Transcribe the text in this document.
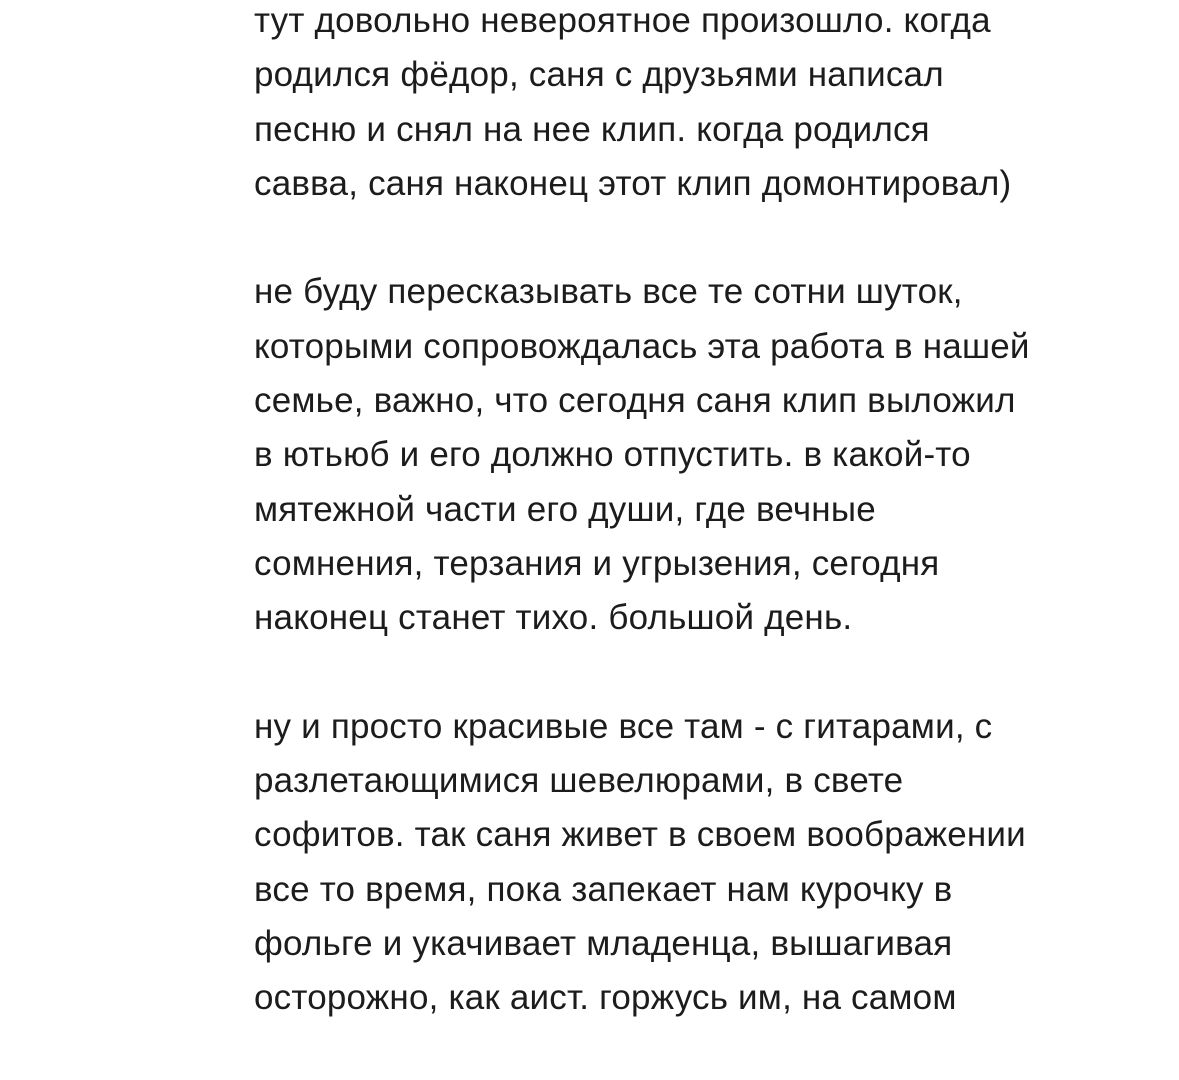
тут довольно невероятное произошло. когда
родился фёдор, саня с друзьями написал
песню и снял на нее клип. когда родился
савва, саня наконец этот клип домонтировал)

не буду пересказывать все те сотни шуток,
которыми сопровождалась эта работа в нашей
семье, важно, что сегодня саня клип выложил
в ютьюб и его должно отпустить. в какой-то
мятежной части его души, где вечные
сомнения, терзания и угрызения, сегодня
наконец станет тихо. большой день.

ну и просто красивые все там - с гитарами, с
разлетающимися шевелюрами, в свете
софитов. так саня живет в своем воображении
все то время, пока запекает нам курочку в
фольге и укачивает младенца, вышагивая
осторожно, как аист. горжусь им, на самом
